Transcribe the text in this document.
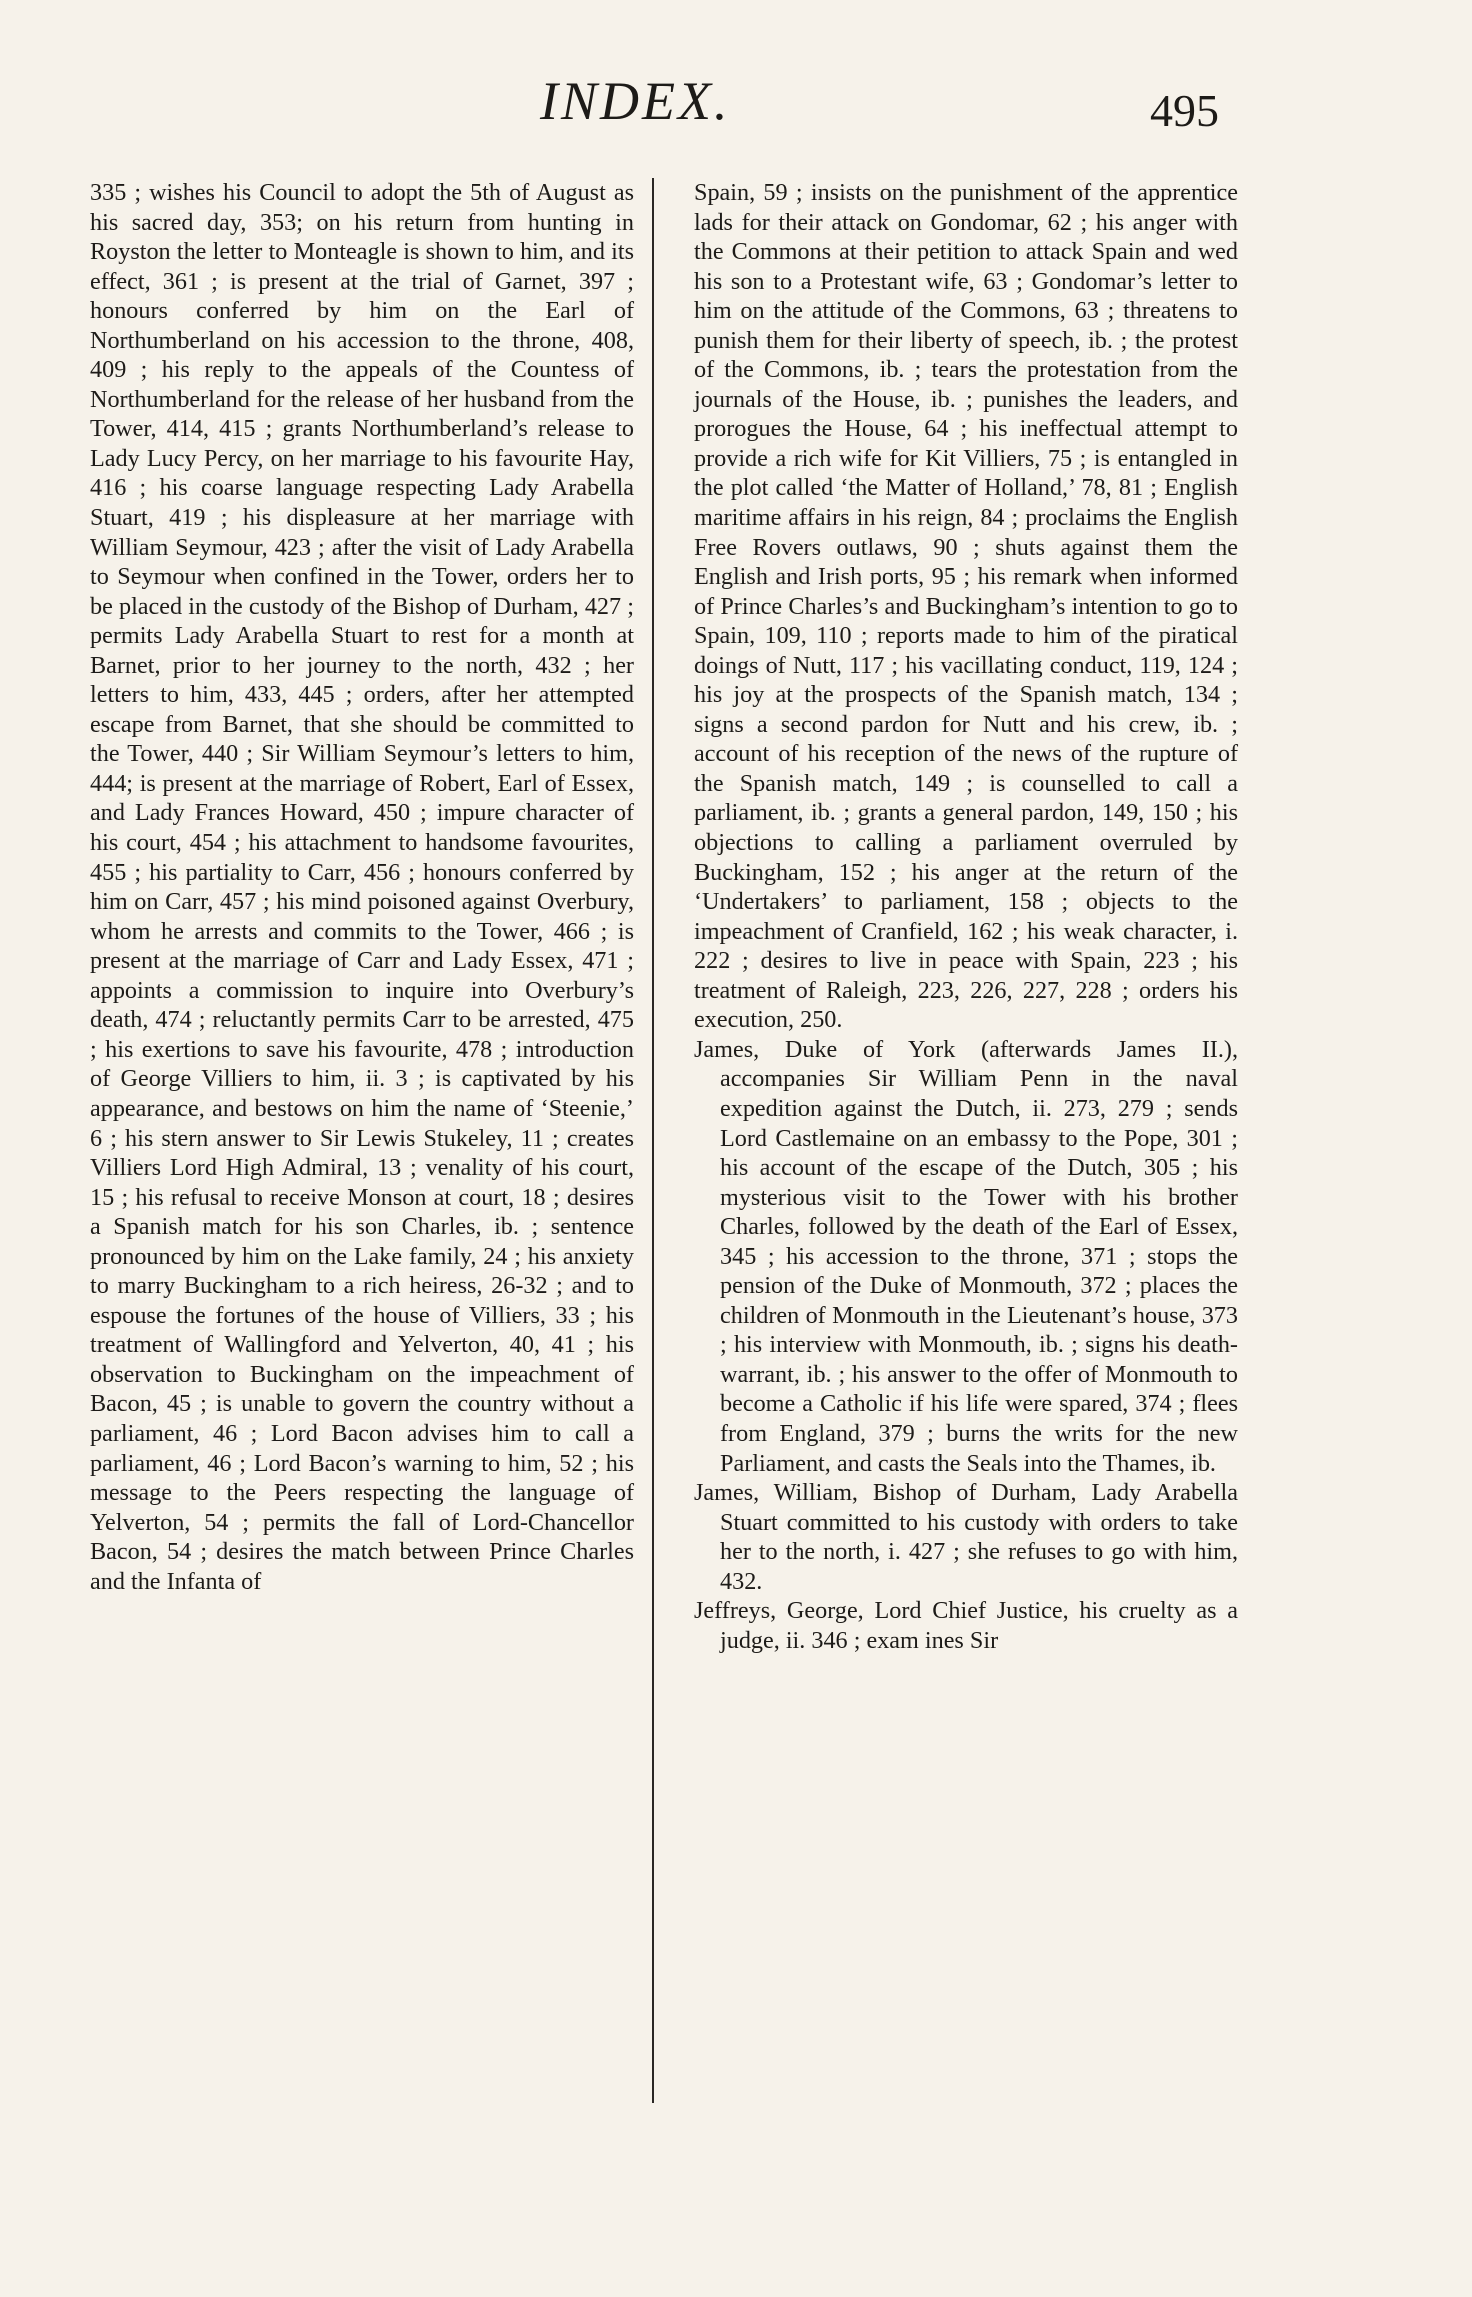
INDEX.	495

335 ; wishes his Council to adopt the 5th of August as his sacred day, 353; on his return from hunting in Royston the letter to Monteagle is shown to him, and its effect, 361 ; is present at the trial of Garnet, 397 ; honours conferred by him on the Earl of Northumberland on his accession to the throne, 408, 409 ; his reply to the appeals of the Countess of Northumberland for the release of her husband from the Tower, 414, 415 ; grants Northumberland’s release to Lady Lucy Percy, on her marriage to his favourite Hay, 416 ; his coarse language respecting Lady Arabella Stuart, 419 ; his displeasure at her marriage with William Seymour, 423 ; after the visit of Lady Arabella to Seymour when confined in the Tower, orders her to be placed in the custody of the Bishop of Durham, 427 ; permits Lady Arabella Stuart to rest for a month at Barnet, prior to her journey to the north, 432 ; her letters to him, 433, 445 ; orders, after her attempted escape from Barnet, that she should be committed to the Tower, 440 ; Sir William Seymour’s letters to him, 444; is present at the marriage of Robert, Earl of Essex, and Lady Frances Howard, 450 ; impure character of his court, 454 ; his attachment to handsome favourites, 455 ; his partiality to Carr, 456 ; honours conferred by him on Carr, 457 ; his mind poisoned against Overbury, whom he arrests and commits to the Tower, 466 ; is present at the marriage of Carr and Lady Essex, 471 ; appoints a commission to inquire into Overbury’s death, 474 ; reluctantly permits Carr to be arrested, 475 ; his exertions to save his favourite, 478 ; introduction of George Villiers to him, ii. 3 ; is captivated by his appearance, and bestows on him the name of ‘Steenie,’ 6 ; his stern answer to Sir Lewis Stukeley, 11 ; creates Villiers Lord High Admiral, 13 ; venality of his court, 15 ; his refusal to receive Monson at court, 18 ; desires a Spanish match for his son Charles, ib. ; sentence pronounced by him on the Lake family, 24 ; his anxiety to marry Buckingham to a rich heiress, 26-32 ; and to espouse the fortunes of the house of Villiers, 33 ; his treatment of Wallingford and Yelverton, 40, 41 ; his observation to Buckingham on the impeachment of Bacon, 45 ; is unable to govern the country without a parliament, 46 ; Lord Bacon advises him to call a parliament, 46 ; Lord Bacon’s warning to him, 52 ; his message to the Peers respecting the language of Yelverton, 54 ; permits the fall of Lord-Chancellor Bacon, 54 ; desires the match between Prince Charles and the Infanta of

Spain, 59 ; insists on the punishment of the apprentice lads for their attack on Gondomar, 62 ; his anger with the Commons at their petition to attack Spain and wed his son to a Protestant wife, 63 ; Gondomar’s letter to him on the attitude of the Commons, 63 ; threatens to punish them for their liberty of speech, ib. ; the protest of the Commons, ib. ; tears the protestation from the journals of the House, ib. ; punishes the leaders, and prorogues the House, 64 ; his ineffectual attempt to provide a rich wife for Kit Villiers, 75 ; is entangled in the plot called ‘the Matter of Holland,’ 78, 81 ; English maritime affairs in his reign, 84 ; proclaims the English Free Rovers outlaws, 90 ; shuts against them the English and Irish ports, 95 ; his remark when informed of Prince Charles’s and Buckingham’s intention to go to Spain, 109, 110 ; reports made to him of the piratical doings of Nutt, 117 ; his vacillating conduct, 119, 124 ; his joy at the prospects of the Spanish match, 134 ; signs a second pardon for Nutt and his crew, ib. ; account of his reception of the news of the rupture of the Spanish match, 149 ; is counselled to call a parliament, ib. ; grants a general pardon, 149, 150 ; his objections to calling a parliament overruled by Buckingham, 152 ; his anger at the return of the ‘Undertakers’ to parliament, 158 ; objects to the impeachment of Cranfield, 162 ; his weak character, i. 222 ; desires to live in peace with Spain, 223 ; his treatment of Raleigh, 223, 226, 227, 228 ; orders his execution, 250.

James, Duke of York (afterwards James II.), accompanies Sir William Penn in the naval expedition against the Dutch, ii. 273, 279 ; sends Lord Castlemaine on an embassy to the Pope, 301 ; his account of the escape of the Dutch, 305 ; his mysterious visit to the Tower with his brother Charles, followed by the death of the Earl of Essex, 345 ; his accession to the throne, 371 ; stops the pension of the Duke of Monmouth, 372 ; places the children of Monmouth in the Lieutenant’s house, 373 ; his interview with Monmouth, ib. ; signs his death-warrant, ib. ; his answer to the offer of Monmouth to become a Catholic if his life were spared, 374 ; flees from England, 379 ; burns the writs for the new Parliament, and casts the Seals into the Thames, ib.

James, William, Bishop of Durham, Lady Arabella Stuart committed to his custody with orders to take her to the north, i. 427 ; she refuses to go with him, 432.

Jeffreys, George, Lord Chief Justice, his cruelty as a judge, ii. 346 ; exam ines Sir
